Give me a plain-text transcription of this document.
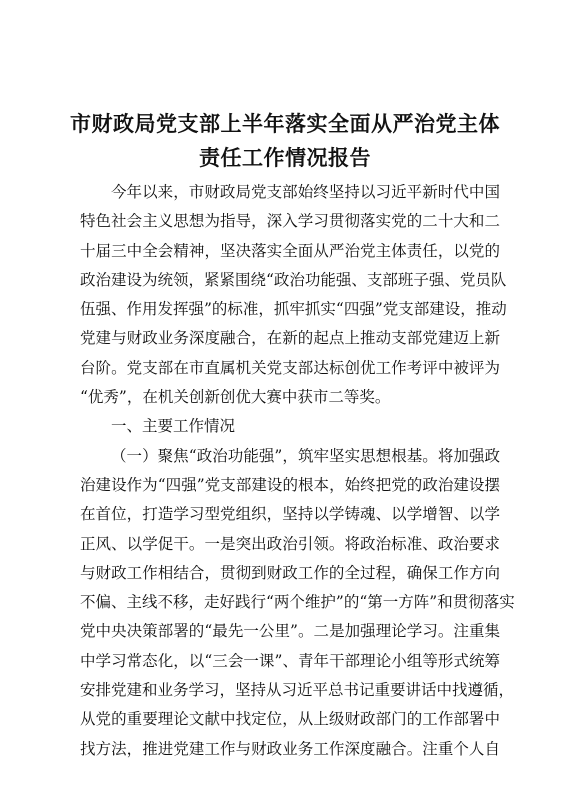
市财政局党支部上半年落实全面从严治党主体
责任工作情况报告
今年以来，市财政局党支部始终坚持以习近平新时代中国
特色社会主义思想为指导，深入学习贯彻落实党的二十大和二
十届三中全会精神，坚决落实全面从严治党主体责任，以党的
政治建设为统领，紧紧围绕“政治功能强、支部班子强、党员队
伍强、作用发挥强”的标准，抓牢抓实“四强”党支部建设，推动
党建与财政业务深度融合，在新的起点上推动支部党建迈上新
台阶。党支部在市直属机关党支部达标创优工作考评中被评为
“优秀”，在机关创新创优大赛中获市二等奖。
一、主要工作情况
（一）聚焦“政治功能强”，筑牢坚实思想根基。将加强政
治建设作为“四强”党支部建设的根本，始终把党的政治建设摆
在首位，打造学习型党组织，坚持以学铸魂、以学增智、以学
正风、以学促干。一是突出政治引领。将政治标准、政治要求
与财政工作相结合，贯彻到财政工作的全过程，确保工作方向
不偏、主线不移，走好践行“两个维护”的“第一方阵”和贯彻落实
党中央决策部署的“最先一公里”。二是加强理论学习。注重集
中学习常态化，以“三会一课”、青年干部理论小组等形式统筹
安排党建和业务学习，坚持从习近平总书记重要讲话中找遵循，
从党的重要理论文献中找定位，从上级财政部门的工作部署中
找方法，推进党建工作与财政业务工作深度融合。注重个人自
